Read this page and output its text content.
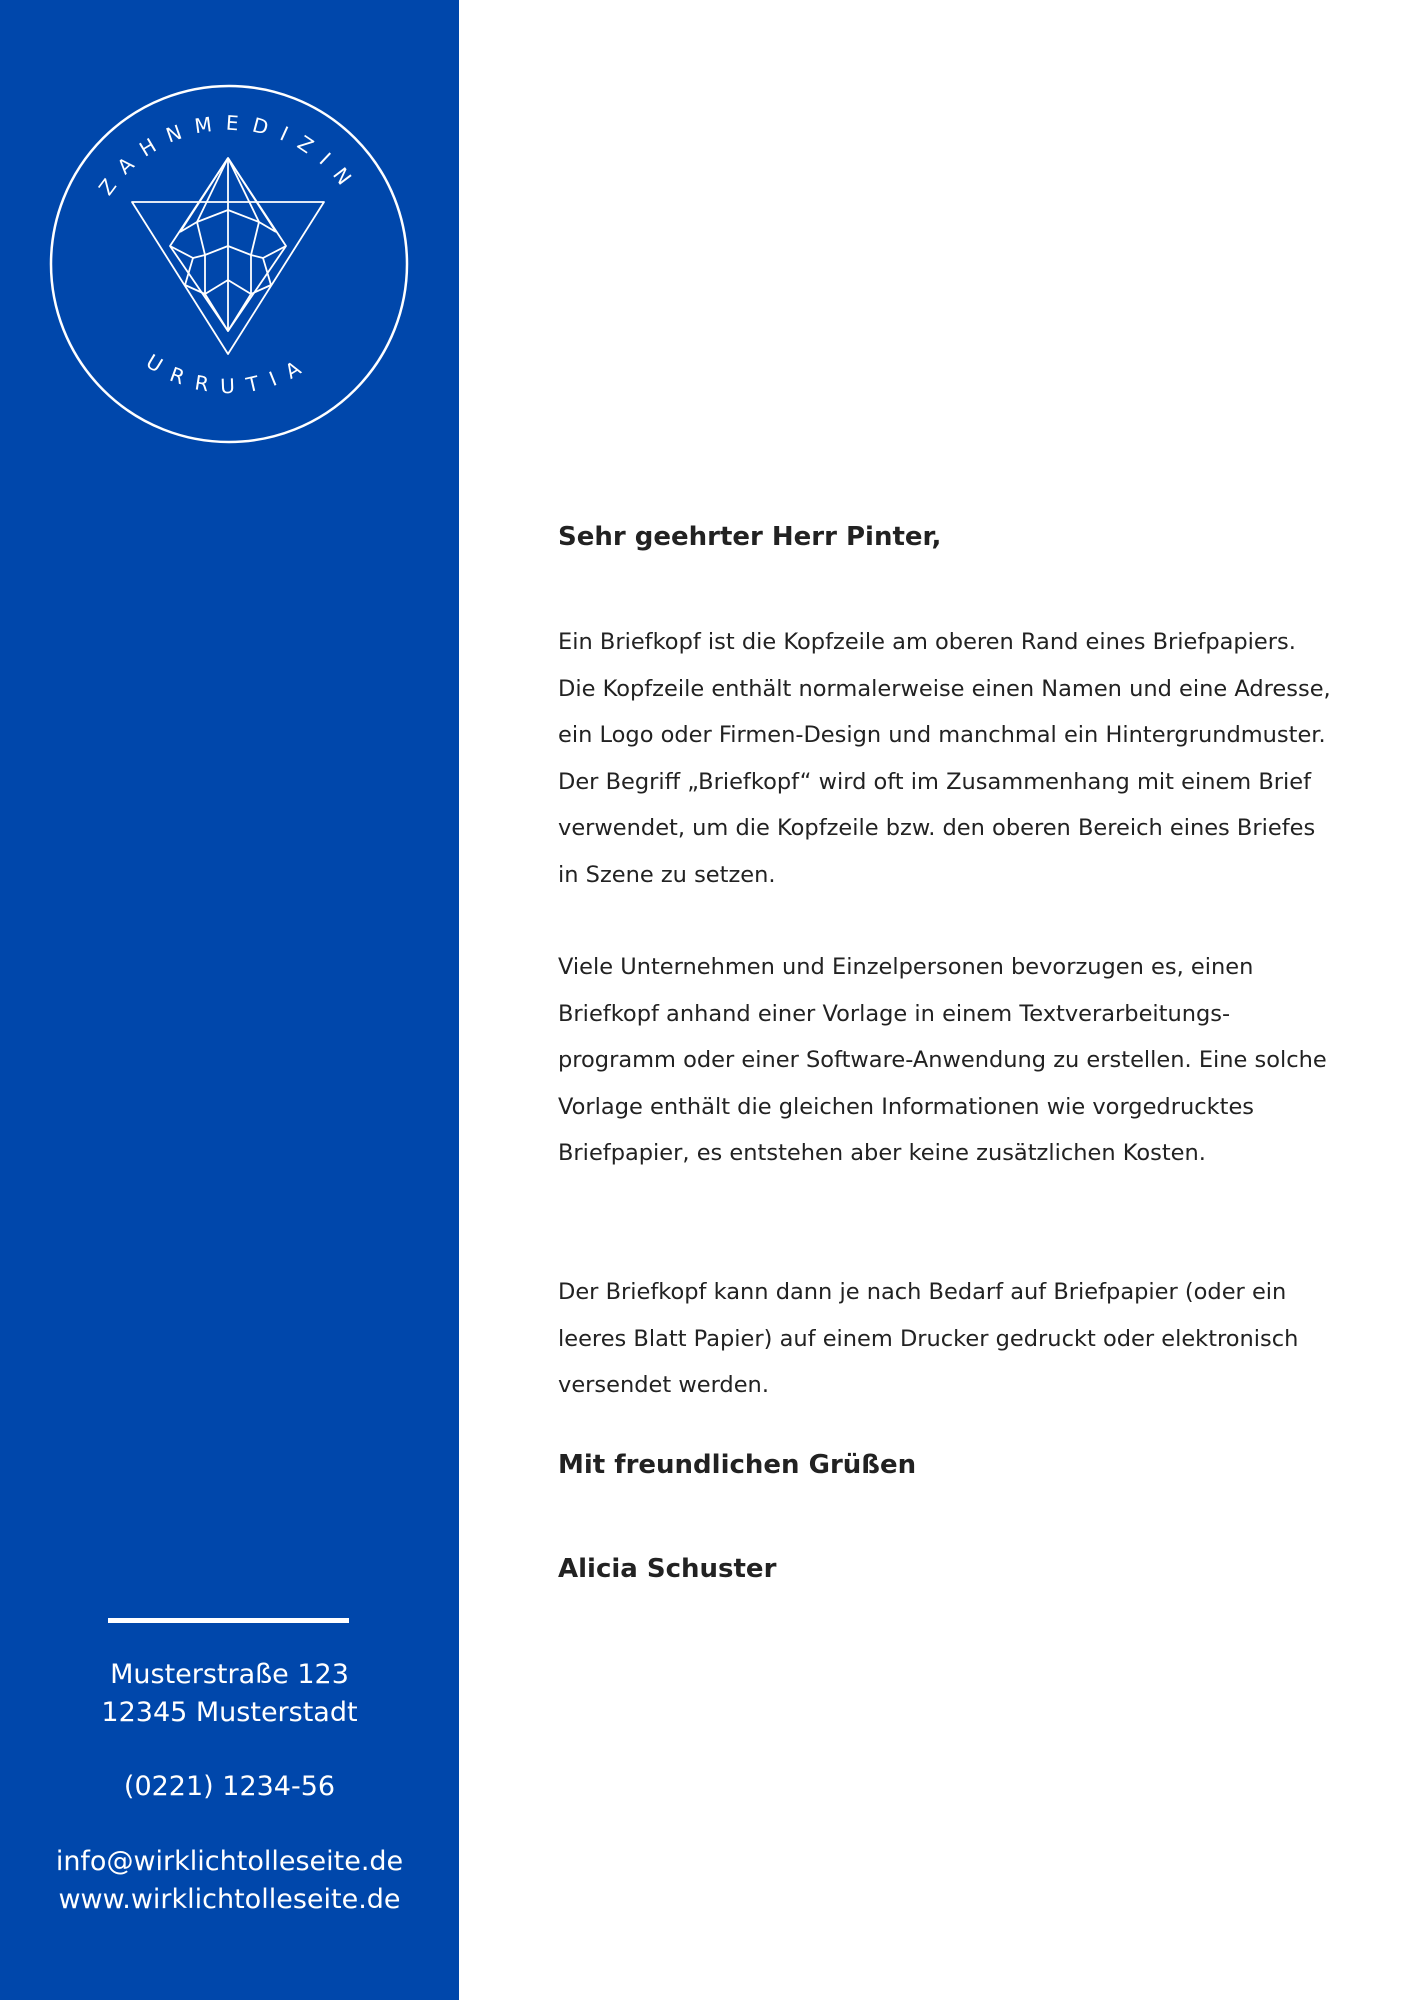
ZAHNMEDIZIN
URRUTIA
Musterstraße 123
12345 Musterstadt
(0221) 1234-56
info@wirklichtolleseite.de
www.wirklichtolleseite.de
Sehr geehrter Herr Pinter,

Ein Briefkopf ist die Kopfzeile am oberen Rand eines Briefpapiers. Die Kopfzeile enthält normalerweise einen Namen und eine Adresse, ein Logo oder Firmen-Design und manchmal ein Hintergrundmuster. Der Begriff „Briefkopf“ wird oft im Zusammenhang mit einem Brief verwendet, um die Kopfzeile bzw. den oberen Bereich eines Briefes in Szene zu setzen.

Viele Unternehmen und Einzelpersonen bevorzugen es, einen Briefkopf anhand einer Vorlage in einem Textverarbeitungs-programm oder einer Software-Anwendung zu erstellen. Eine solche Vorlage enthält die gleichen Informationen wie vorgedrucktes Briefpapier, es entstehen aber keine zusätzlichen Kosten.

Der Briefkopf kann dann je nach Bedarf auf Briefpapier (oder ein leeres Blatt Papier) auf einem Drucker gedruckt oder elektronisch versendet werden.

Mit freundlichen Grüßen
Alicia Schuster
